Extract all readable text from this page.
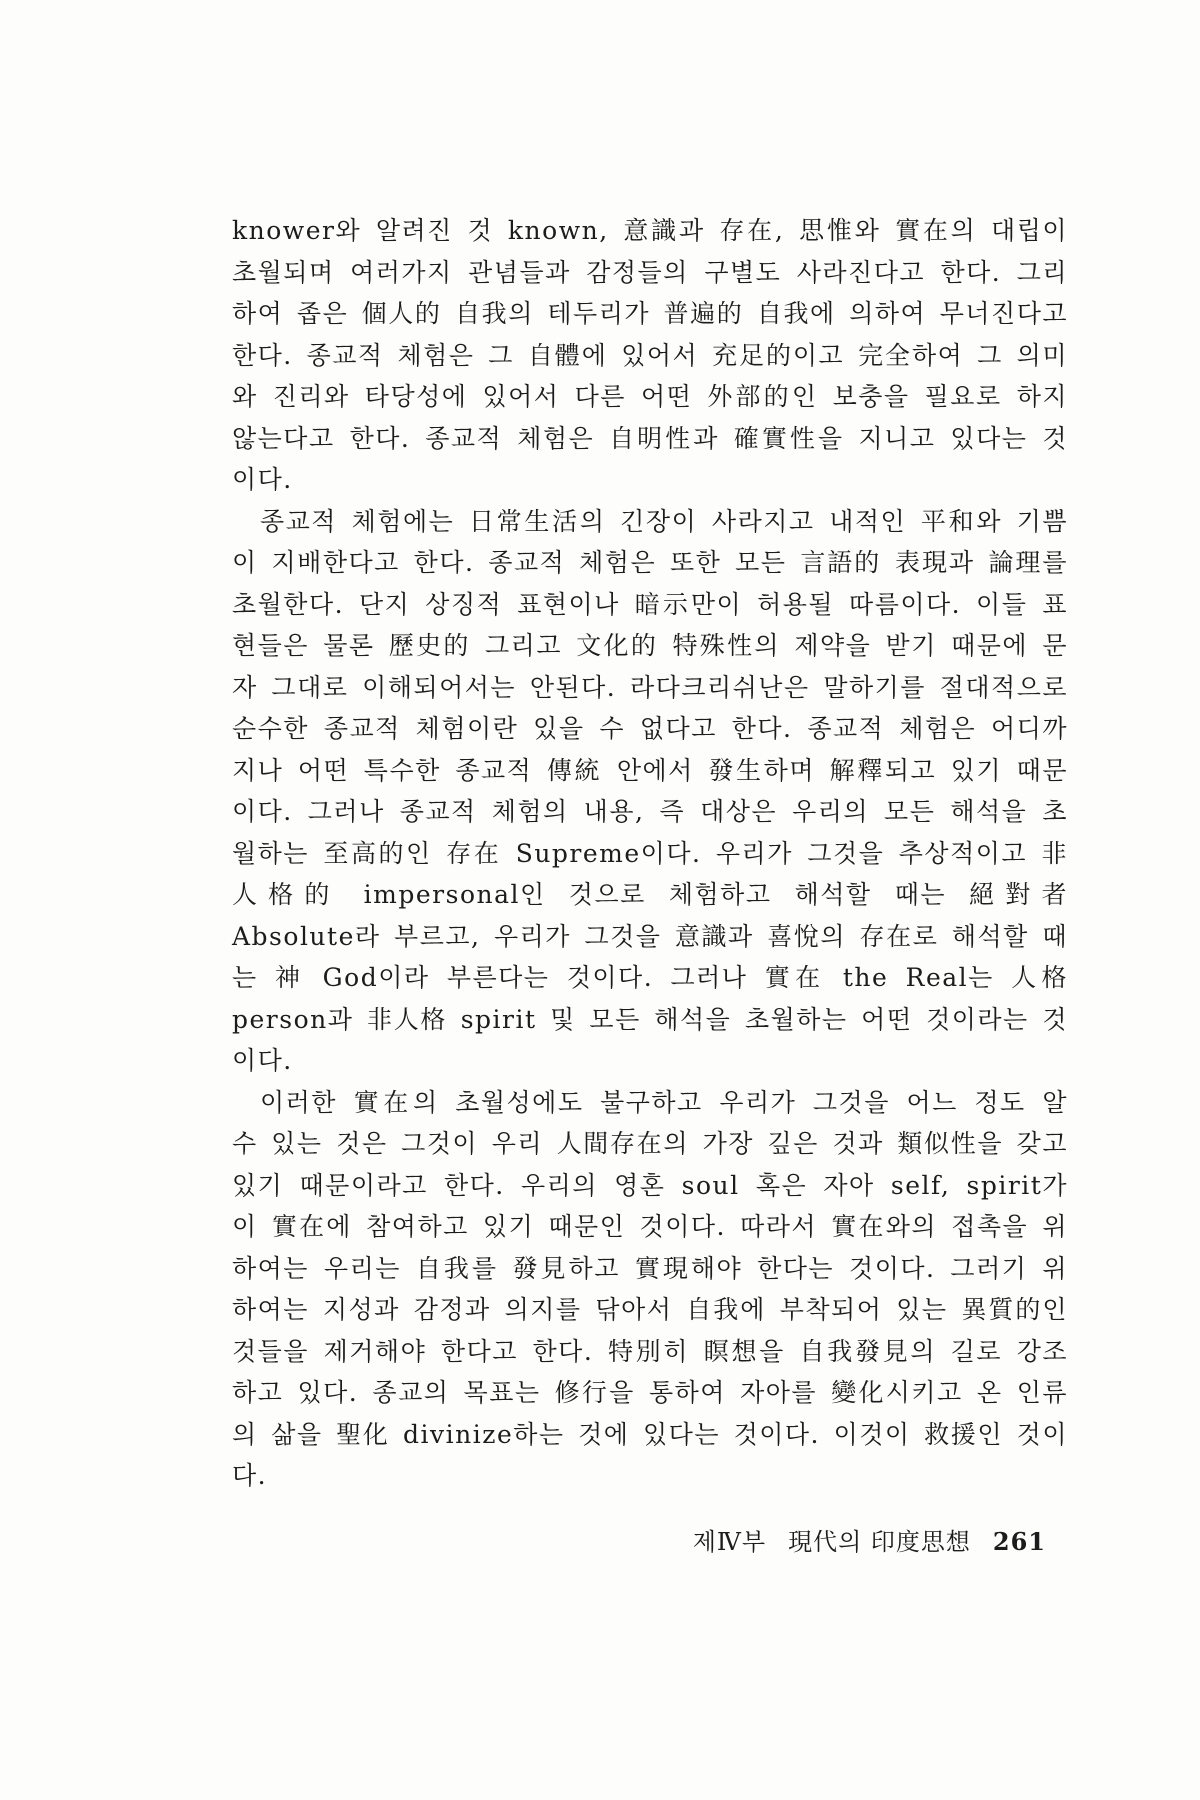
knower와 알려진 것 known, 意識과 存在, 思惟와 實在의 대립이 초월되며 여러가지 관념들과 감정들의 구별도 사라진다고 한다. 그리하여 좁은 個人的 自我의 테두리가 普遍的 自我에 의하여 무너진다고 한다. 종교적 체험은 그 自體에 있어서 充足的이고 完全하여 그 의미와 진리와 타당성에 있어서 다른 어떤 外部的인 보충을 필요로 하지 않는다고 한다. 종교적 체험은 自明性과 確實性을 지니고 있다는 것이다.

종교적 체험에는 日常生活의 긴장이 사라지고 내적인 平和와 기쁨이 지배한다고 한다. 종교적 체험은 또한 모든 言語的 表現과 論理를 초월한다. 단지 상징적 표현이나 暗示만이 허용될 따름이다. 이들 표현들은 물론 歷史的 그리고 文化的 特殊性의 제약을 받기 때문에 문자 그대로 이해되어서는 안된다. 라다크리쉬난은 말하기를 절대적으로 순수한 종교적 체험이란 있을 수 없다고 한다. 종교적 체험은 어디까지나 어떤 특수한 종교적 傳統 안에서 發生하며 解釋되고 있기 때문이다. 그러나 종교적 체험의 내용, 즉 대상은 우리의 모든 해석을 초월하는 至高的인 存在 Supreme이다. 우리가 그것을 추상적이고 非人格的 impersonal인 것으로 체험하고 해석할 때는 絕對者 Absolute라 부르고, 우리가 그것을 意識과 喜悅의 存在로 해석할 때는 神 God이라 부른다는 것이다. 그러나 實在 the Real는 人格 person과 非人格 spirit 및 모든 해석을 초월하는 어떤 것이라는 것이다.

이러한 實在의 초월성에도 불구하고 우리가 그것을 어느 정도 알 수 있는 것은 그것이 우리 人間存在의 가장 깊은 것과 類似性을 갖고 있기 때문이라고 한다. 우리의 영혼 soul 혹은 자아 self, spirit가 이 實在에 참여하고 있기 때문인 것이다. 따라서 實在와의 접촉을 위하여는 우리는 自我를 發見하고 實現해야 한다는 것이다. 그러기 위하여는 지성과 감정과 의지를 닦아서 自我에 부착되어 있는 異質的인 것들을 제거해야 한다고 한다. 特別히 瞑想을 自我發見의 길로 강조하고 있다. 종교의 목표는 修行을 통하여 자아를 變化시키고 온 인류의 삶을 聖化 divinize하는 것에 있다는 것이다. 이것이 救援인 것이다.

제Ⅳ부 現代의 印度思想 261
